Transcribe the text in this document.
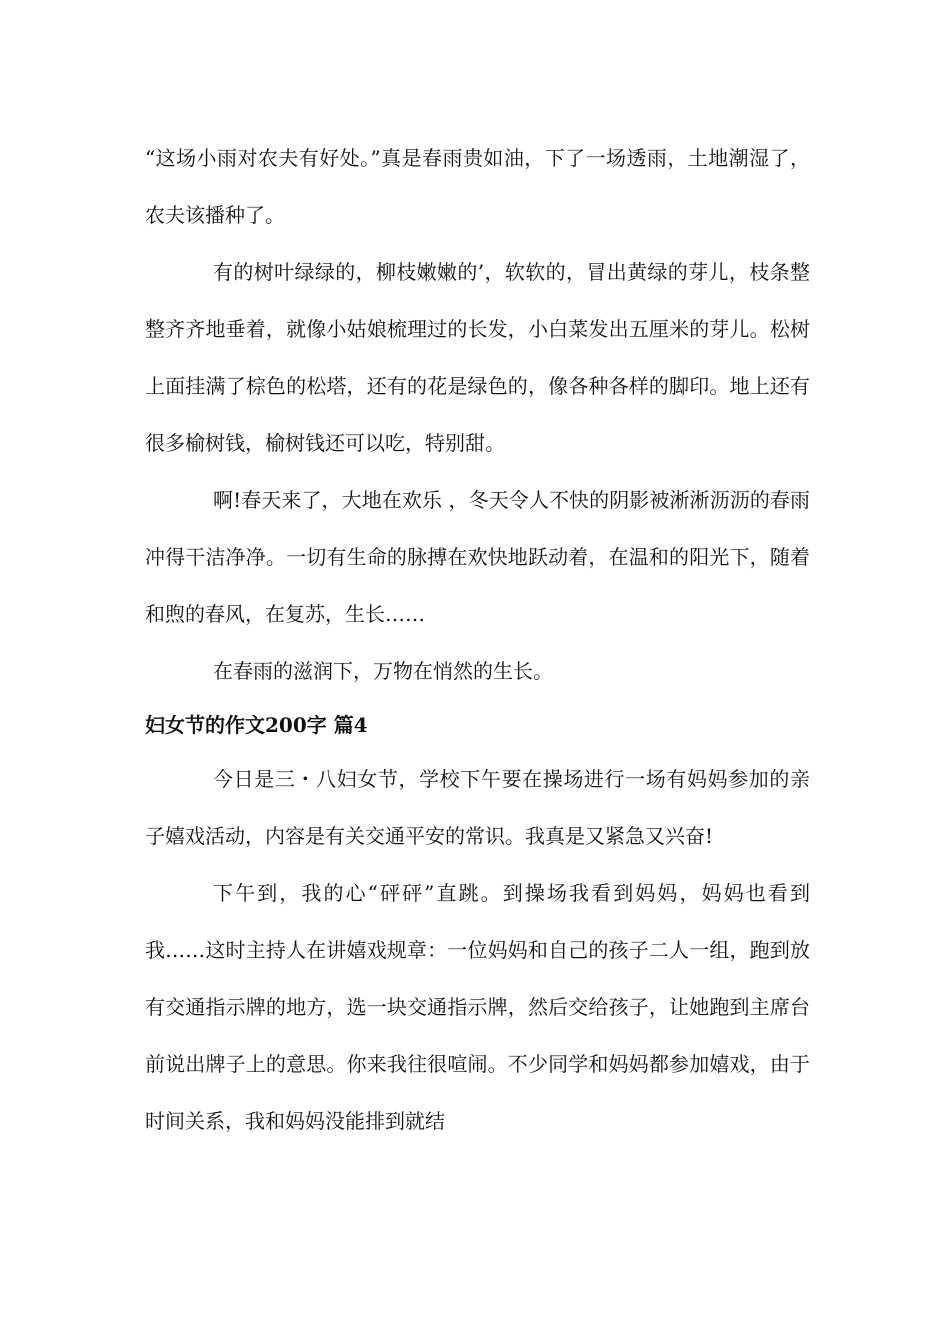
“这场小雨对农夫有好处。”真是春雨贵如油，下了一场透雨，土地潮湿了，农夫该播种了。

有的树叶绿绿的，柳枝嫩嫩的’，软软的，冒出黄绿的芽儿，枝条整整齐齐地垂着，就像小姑娘梳理过的长发，小白菜发出五厘米的芽儿。松树上面挂满了棕色的松塔，还有的花是绿色的，像各种各样的脚印。地上还有很多榆树钱，榆树钱还可以吃，特别甜。

啊!春天来了，大地在欢乐 ，冬天令人不快的阴影被淅淅沥沥的春雨冲得干洁净净。一切有生命的脉搏在欢快地跃动着，在温和的阳光下，随着和煦的春风，在复苏，生长……

在春雨的滋润下，万物在悄然的生长。

妇女节的作文200字 篇4

今日是三・八妇女节，学校下午要在操场进行一场有妈妈参加的亲子嬉戏活动，内容是有关交通平安的常识。我真是又紧急又兴奋!

下午到，我的心“砰砰”直跳。到操场我看到妈妈，妈妈也看到我……这时主持人在讲嬉戏规章：一位妈妈和自己的孩子二人一组，跑到放有交通指示牌的地方，选一块交通指示牌，然后交给孩子，让她跑到主席台前说出牌子上的意思。你来我往很喧闹。不少同学和妈妈都参加嬉戏，由于时间关系，我和妈妈没能排到就结
